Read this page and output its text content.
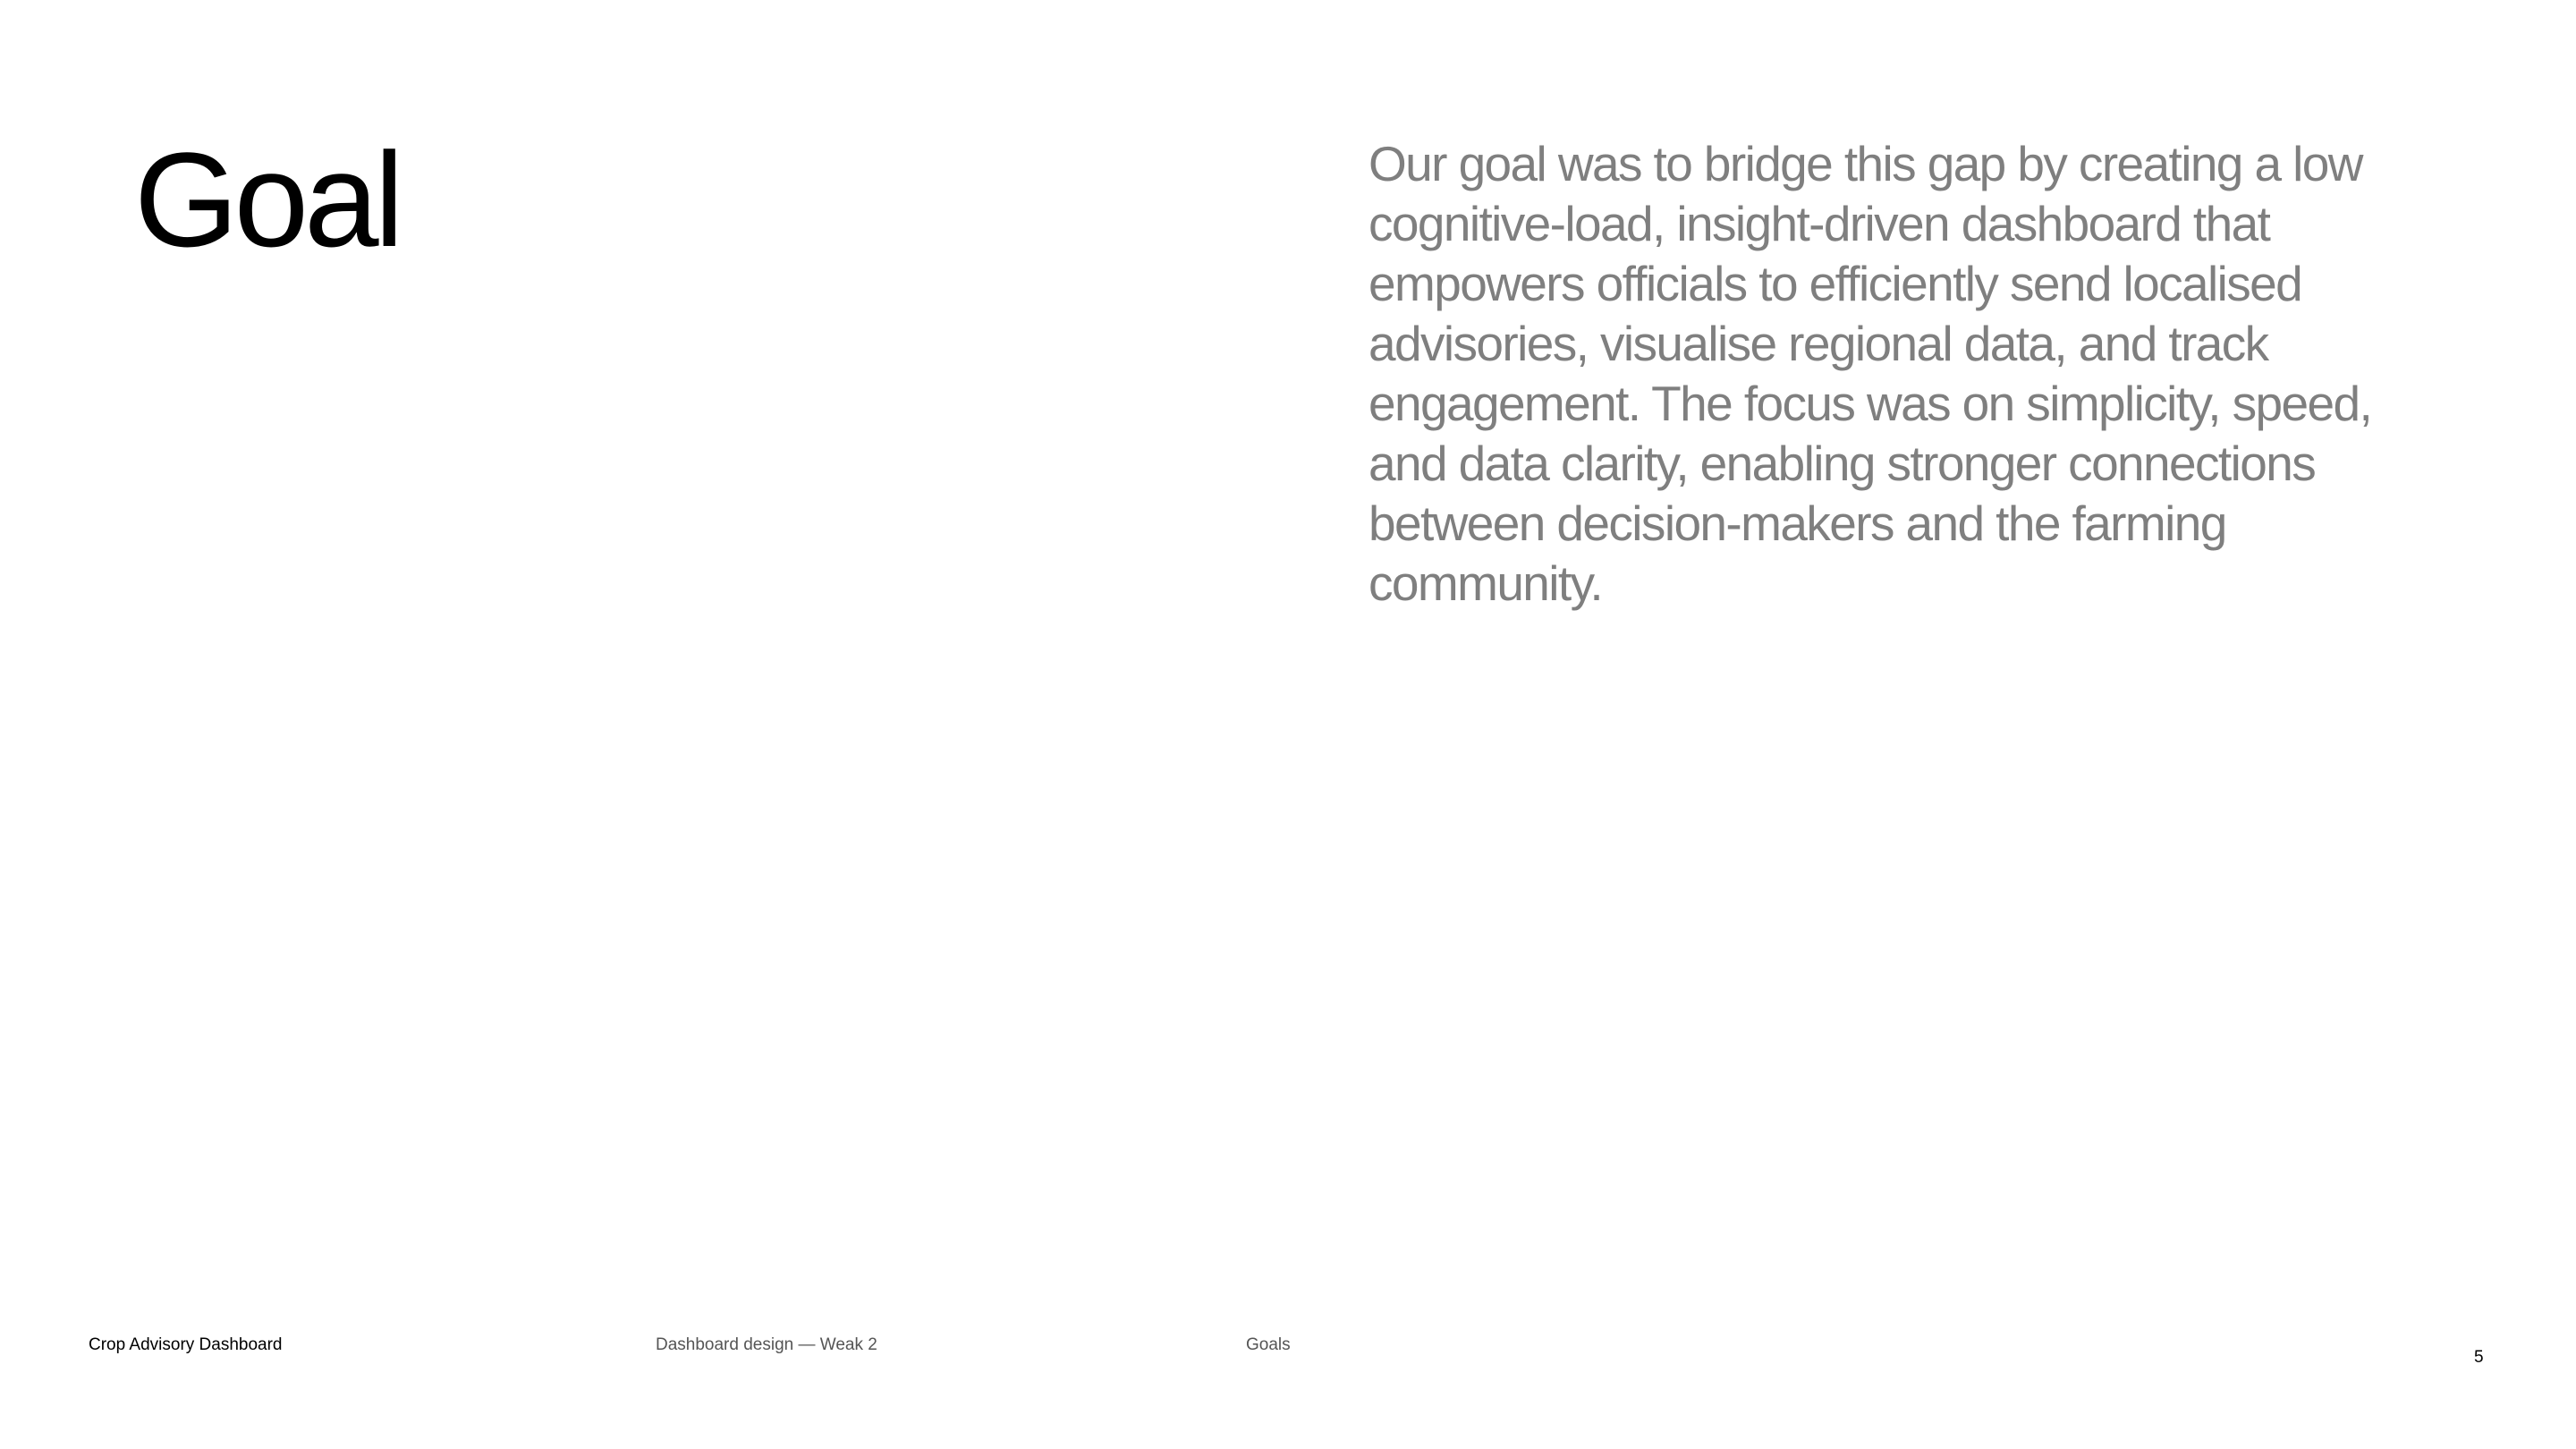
Goal	Our goal was to bridge this gap by creating a low cognitive-load, insight-driven dashboard that empowers officials to efficiently send localised advisories, visualise regional data, and track engagement. The focus was on simplicity, speed, and data clarity, enabling stronger connections between decision-makers and the farming community.

Crop Advisory Dashboard	Dashboard design — Weak 2	Goals
5
